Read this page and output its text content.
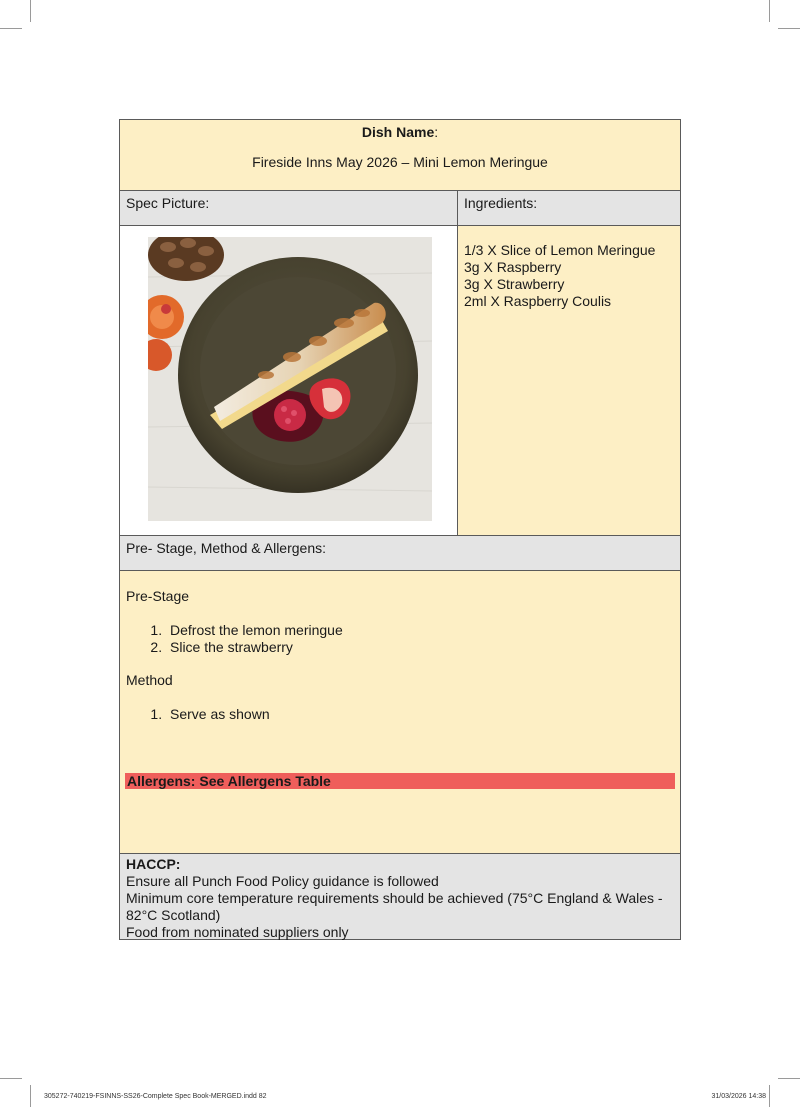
Dish Name:
Fireside Inns May 2026 – Mini Lemon Meringue
Spec Picture:	Ingredients:
1/3 X Slice of Lemon Meringue
3g X Raspberry
3g X Strawberry
2ml X Raspberry Coulis
Pre- Stage, Method & Allergens:
Pre-Stage
1. Defrost the lemon meringue
2. Slice the strawberry
Method
1. Serve as shown
Allergens: See Allergens Table
HACCP:
Ensure all Punch Food Policy guidance is followed
Minimum core temperature requirements should be achieved (75°C England & Wales - 82°C Scotland)
Food from nominated suppliers only
305272-740219-FSINNS-SS26-Complete Spec Book-MERGED.indd 82	31/03/2026 14:38
